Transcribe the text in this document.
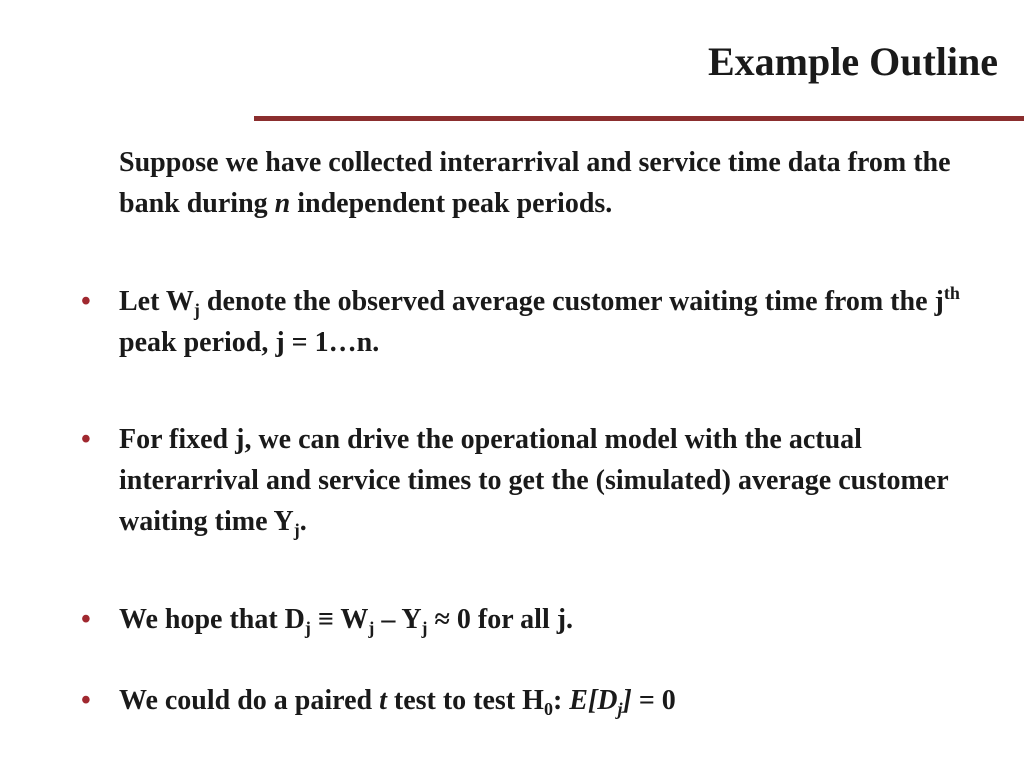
Example Outline
Suppose we have collected interarrival and service time data from the bank during n independent peak periods.
• Let $W_j$ denote the observed average customer waiting time from the $j^{th}$ peak period, j = 1…n.
• For fixed j, we can drive the operational model with the actual interarrival and service times to get the (simulated) average customer waiting time $Y_j$.
• We hope that $D_j \equiv W_j - Y_j \approx 0$ for all j.
• We could do a paired t test to test $H_0$: $E[D_j] = 0$
